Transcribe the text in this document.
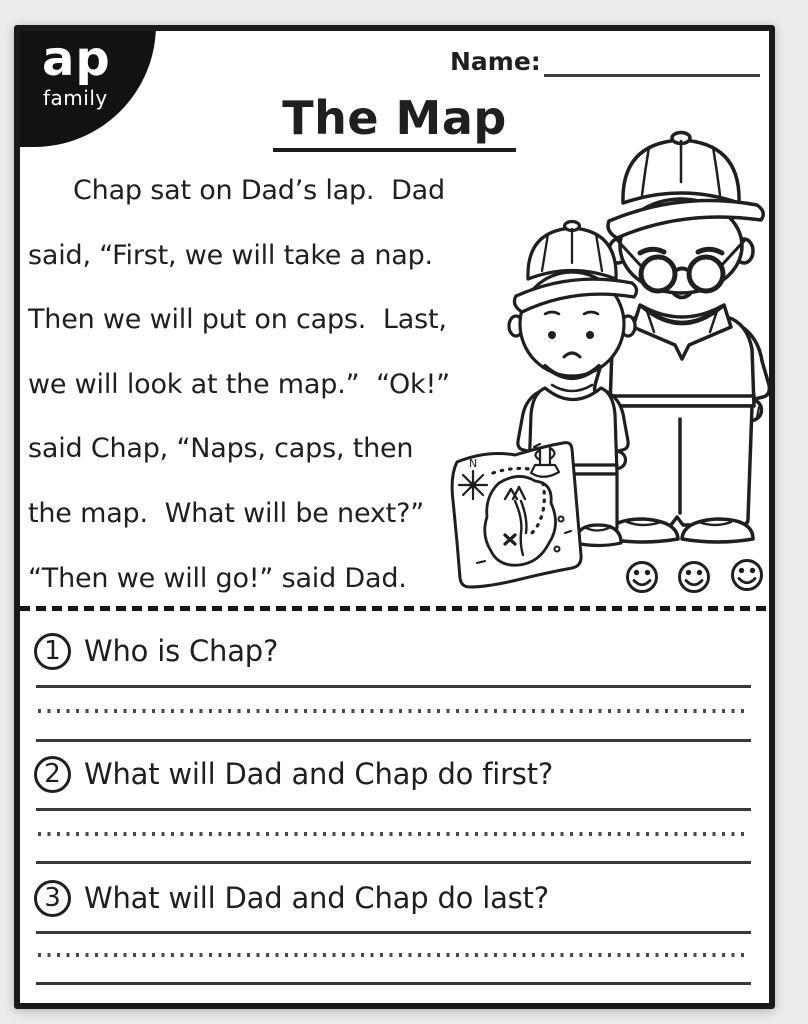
ap
family
Name:
The Map
Chap sat on Dad’s lap.  Dad
said, “First, we will take a nap.
Then we will put on caps.  Last,
we will look at the map.”  “Ok!”
said Chap, “Naps, caps, then
the map.  What will be next?”
“Then we will go!” said Dad.
N
1 Who is Chap?
2 What will Dad and Chap do first?
3 What will Dad and Chap do last?
